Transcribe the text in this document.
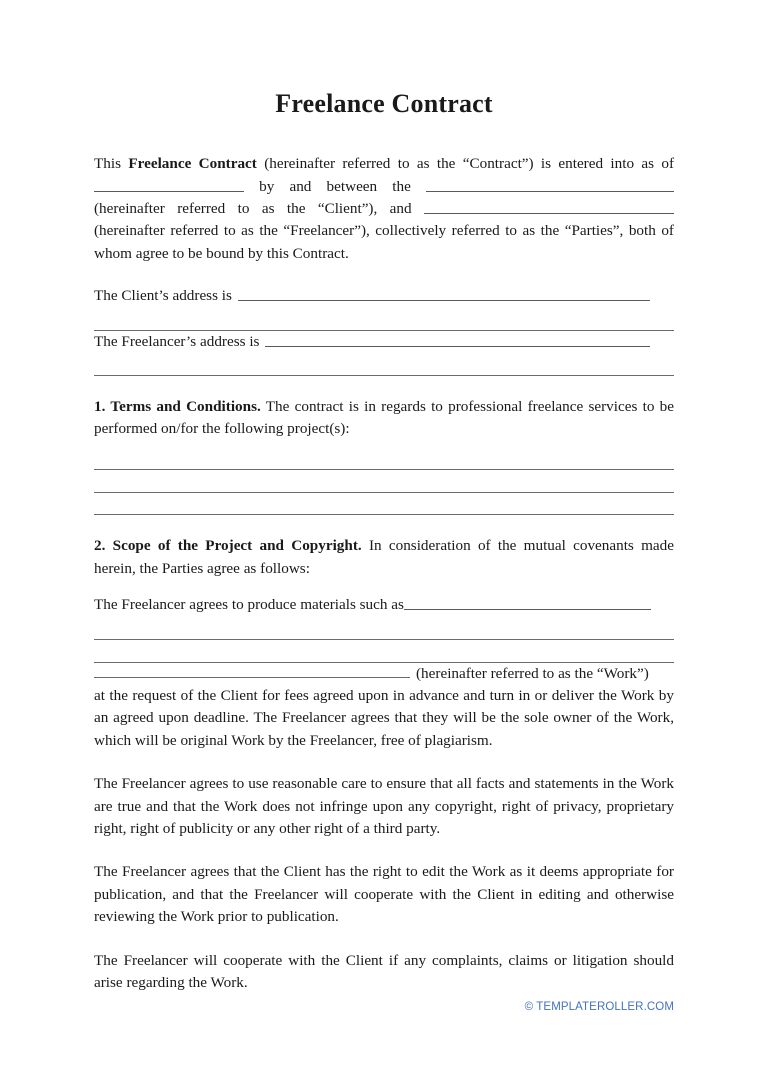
Freelance Contract

This Freelance Contract (hereinafter referred to as the “Contract”) is entered into as of  by and between the  (hereinafter referred to as the “Client”), and  (hereinafter referred to as the “Freelancer”), collectively referred to as the “Parties”, both of whom agree to be bound by this Contract.

The Client’s address is
The Freelancer’s address is

1. Terms and Conditions. The contract is in regards to professional freelance services to be performed on/for the following project(s):

2. Scope of the Project and Copyright. In consideration of the mutual covenants made herein, the Parties agree as follows:

The Freelancer agrees to produce materials such as
(hereinafter referred to as the “Work”)

at the request of the Client for fees agreed upon in advance and turn in or deliver the Work by an agreed upon deadline. The Freelancer agrees that they will be the sole owner of the Work, which will be original Work by the Freelancer, free of plagiarism.

The Freelancer agrees to use reasonable care to ensure that all facts and statements in the Work are true and that the Work does not infringe upon any copyright, right of privacy, proprietary right, right of publicity or any other right of a third party.

The Freelancer agrees that the Client has the right to edit the Work as it deems appropriate for publication, and that the Freelancer will cooperate with the Client in editing and otherwise reviewing the Work prior to publication.

The Freelancer will cooperate with the Client if any complaints, claims or litigation should arise regarding the Work.

© TEMPLATEROLLER.COM
